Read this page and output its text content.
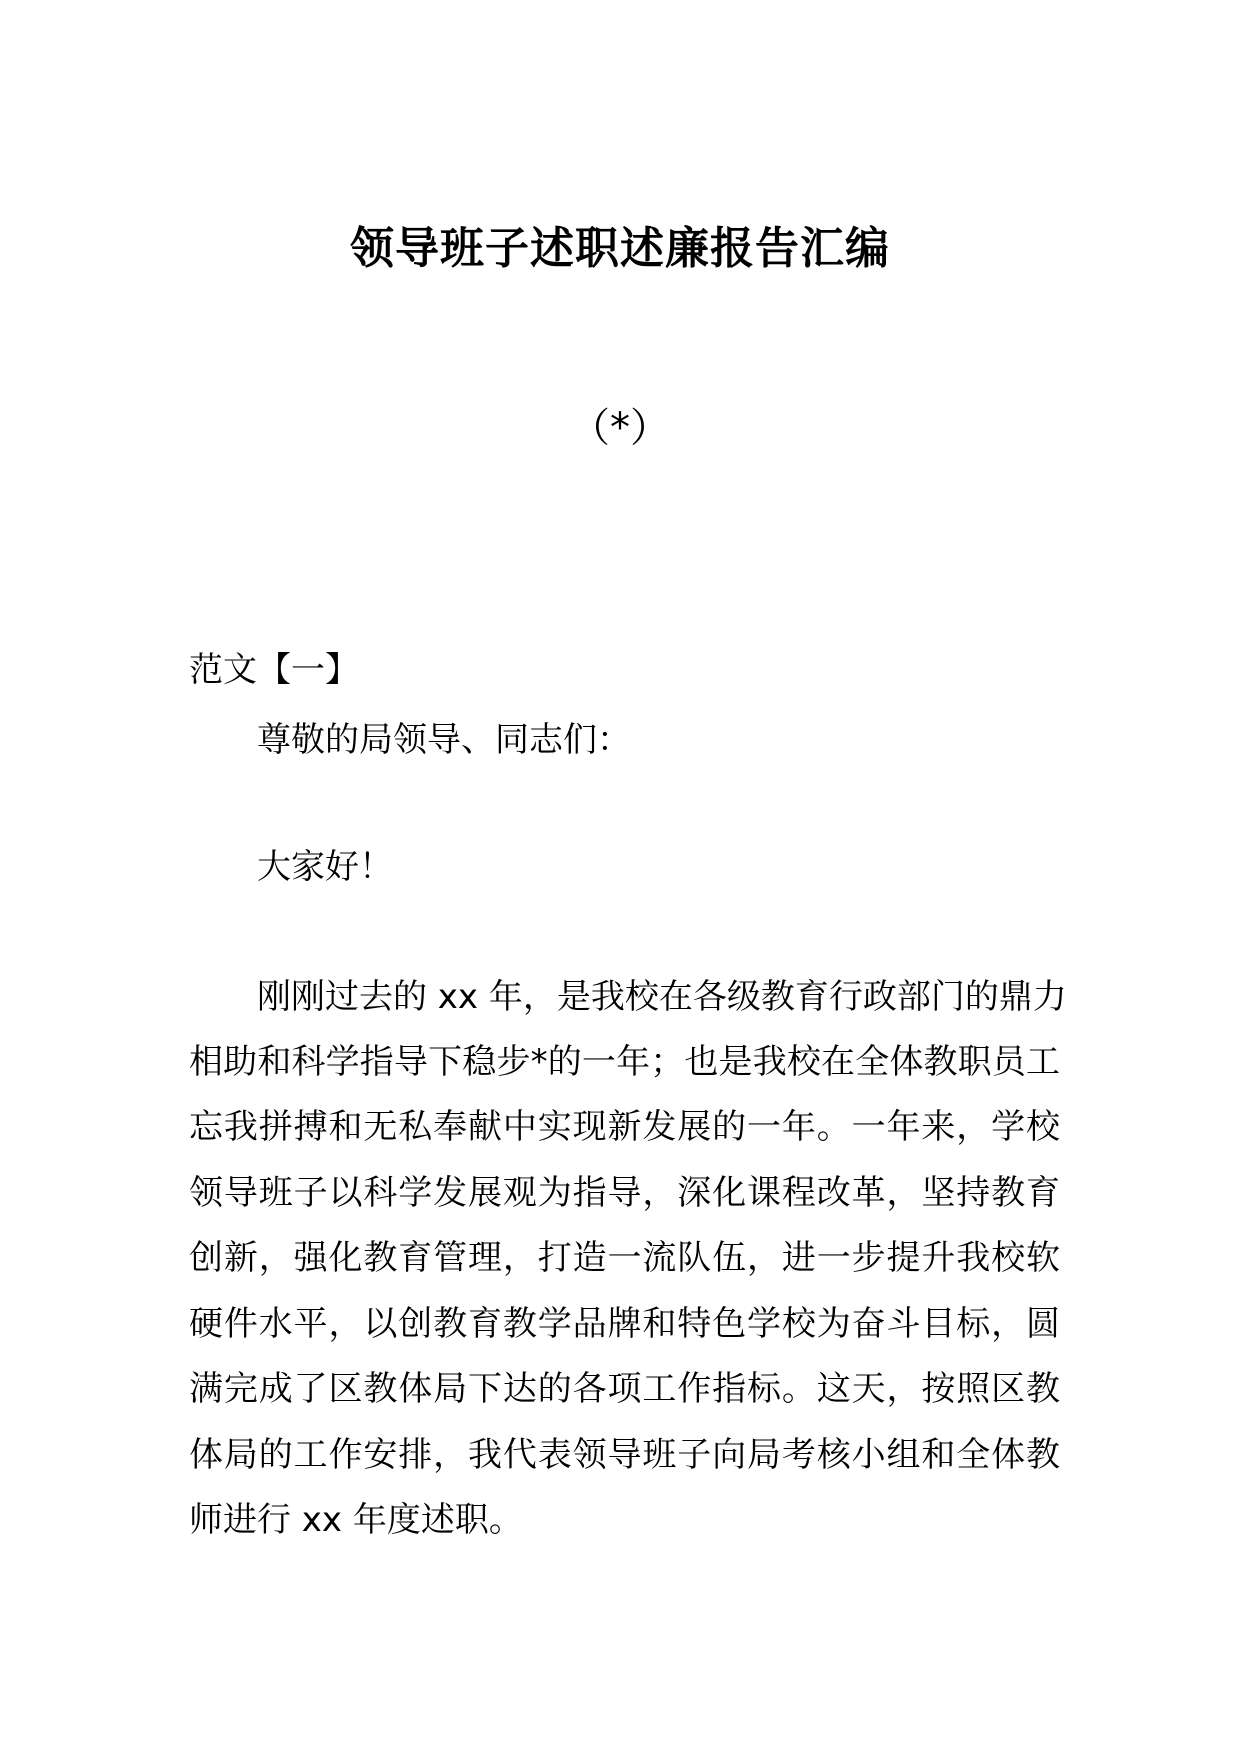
领导班子述职述廉报告汇编
（*）
范文【一】
尊敬的局领导、同志们：
大家好！
刚刚过去的 xx 年，是我校在各级教育行政部门的鼎力
相助和科学指导下稳步*的一年；也是我校在全体教职员工
忘我拼搏和无私奉献中实现新发展的一年。一年来，学校
领导班子以科学发展观为指导，深化课程改革，坚持教育
创新，强化教育管理，打造一流队伍，进一步提升我校软
硬件水平，以创教育教学品牌和特色学校为奋斗目标，圆
满完成了区教体局下达的各项工作指标。这天，按照区教
体局的工作安排，我代表领导班子向局考核小组和全体教
师进行 xx 年度述职。
